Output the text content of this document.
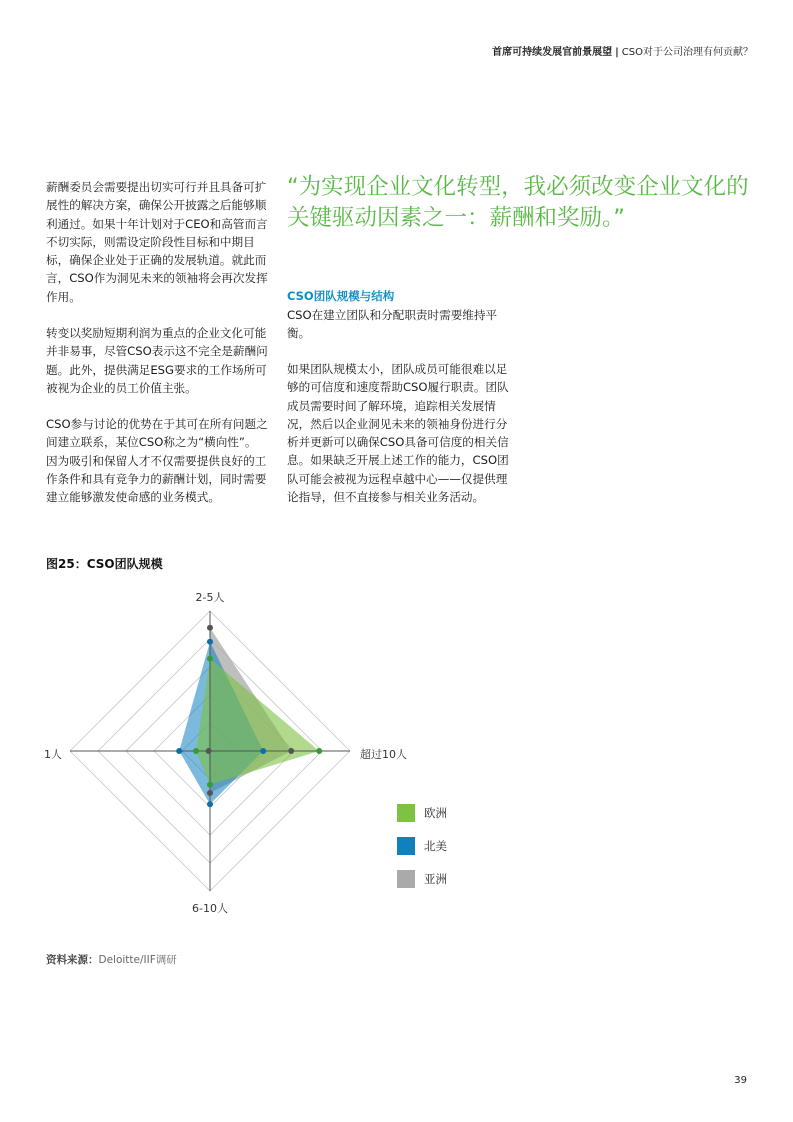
首席可持续发展官前景展望 | CSO对于公司治理有何贡献？

薪酬委员会需要提出切实可行并且具备可扩展性的解决方案，确保公开披露之后能够顺利通过。如果十年计划对于CEO和高管而言不切实际，则需设定阶段性目标和中期目标，确保企业处于正确的发展轨道。就此而言，CSO作为洞见未来的领袖将会再次发挥作用。

转变以奖励短期利润为重点的企业文化可能并非易事，尽管CSO表示这不完全是薪酬问题。此外，提供满足ESG要求的工作场所可被视为企业的员工价值主张。

CSO参与讨论的优势在于其可在所有问题之间建立联系，某位CSO称之为“横向性”。因为吸引和保留人才不仅需要提供良好的工作条件和具有竞争力的薪酬计划，同时需要建立能够激发使命感的业务模式。

“为实现企业文化转型，我必须改变企业文化的关键驱动因素之一：薪酬和奖励。”

CSO团队规模与结构

CSO在建立团队和分配职责时需要维持平衡。

如果团队规模太小，团队成员可能很难以足够的可信度和速度帮助CSO履行职责。团队成员需要时间了解环境，追踪相关发展情况，然后以企业洞见未来的领袖身份进行分析并更新可以确保CSO具备可信度的相关信息。如果缺乏开展上述工作的能力，CSO团队可能会被视为远程卓越中心——仅提供理论指导，但不直接参与相关业务活动。

图25：CSO团队规模
2-5人
超过10人
6-10人
1人
欧洲
北美
亚洲

资料来源：Deloitte/IIF调研

39
